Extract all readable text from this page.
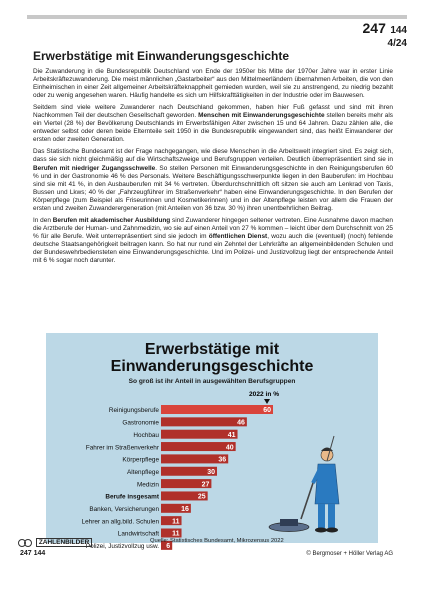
247 144
4/24
Erwerbstätige mit Einwanderungsgeschichte

Die Zuwanderung in die Bundesrepublik Deutschland von Ende der 1950er bis Mitte der 1970er Jahre war in erster Linie Arbeitskräftezuwanderung. Die meist männlichen „Gastarbeiter“ aus den Mittelmeerländern übernahmen Arbeiten, die von den Einheimischen in einer Zeit allgemeiner Arbeitskräfteknappheit gemieden wurden, weil sie zu anstrengend, zu niedrig bezahlt oder zu wenig angesehen waren. Häufig handelte es sich um Hilfskrafttätigkeiten in der Industrie oder im Bauwesen.

Seitdem sind viele weitere Zuwanderer nach Deutschland gekommen, haben hier Fuß gefasst und sind mit ihren Nachkommen Teil der deutschen Gesellschaft geworden. Menschen mit Einwanderungsgeschichte stellen bereits mehr als ein Viertel (28 %) der Bevölkerung Deutschlands im Erwerbsfähigen Alter zwischen 15 und 64 Jahren. Dazu zählen alle, die entweder selbst oder deren beide Elternteile seit 1950 in die Bundesrepublik eingewandert sind, das heißt Einwanderer der ersten oder zweiten Generation.

Das Statistische Bundesamt ist der Frage nachgegangen, wie diese Menschen in die Arbeitswelt integriert sind. Es zeigt sich, dass sie sich nicht gleichmäßig auf die Wirtschaftszweige und Berufsgruppen verteilen. Deutlich überrepräsentiert sind sie in Berufen mit niedriger Zugangsschwelle. So stellen Personen mit Einwanderungsgeschichte in den Reinigungsberufen 60 % und in der Gastronomie 46 % des Personals. Weitere Beschäftigungsschwerpunkte liegen in den Bauberufen: im Hochbau sind sie mit 41 %, in den Ausbauberufen mit 34 % vertreten. Überdurchschnittlich oft sitzen sie auch am Lenkrad von Taxis, Bussen und Lkws; 40 % der „Fahrzeugführer im Straßenverkehr“ haben eine Einwanderungsgeschichte. In den Berufen der Körperpflege (zum Beispiel als Friseurinnen und Kosmetikerinnen) und in der Altenpflege leisten vor allem die Frauen der ersten und zweiten Zuwanderergeneration (mit Anteilen von 36 bzw. 30 %) ihren unentbehrlichen Beitrag.

In den Berufen mit akademischer Ausbildung sind Zuwanderer hingegen seltener vertreten. Eine Ausnahme davon machen die Arztberufe der Human- und Zahnmedizin, wo sie auf einen Anteil von 27 % kommen – leicht über dem Durchschnitt von 25 % für alle Berufe. Weit unterrepräsentiert sind sie jedoch im öffentlichen Dienst, wozu auch die (eventuell) (noch) fehlende deutsche Staatsangehörigkeit beitragen kann. So hat nur rund ein Zehntel der Lehrkräfte an allgemeinbildenden Schulen und der Bundeswehrbediensteten eine Einwanderungsgeschichte. Und im Polizei- und Justizvollzug liegt der entsprechende Anteil mit 6 % sogar noch darunter.

Erwerbstätige mit Einwanderungsgeschichte
So groß ist ihr Anteil in ausgewählten Berufsgruppen
2022 in %
Reinigungsberufe	60
Gastronomie	46
Hochbau	41
Fahrer im Straßenverkehr	40
Körperpflege	36
Altenpflege	30
Medizin	27
Berufe insgesamt	25
Banken, Versicherungen	16
Lehrer an allg.bild. Schulen 11
Landwirtschaft 11
Polizei, Justizvollzug usw. 6
ZAHLENBILDER
247 144
Quelle: Statistisches Bundesamt, Mikrozensus 2022
© Bergmoser + Höller Verlag AG
